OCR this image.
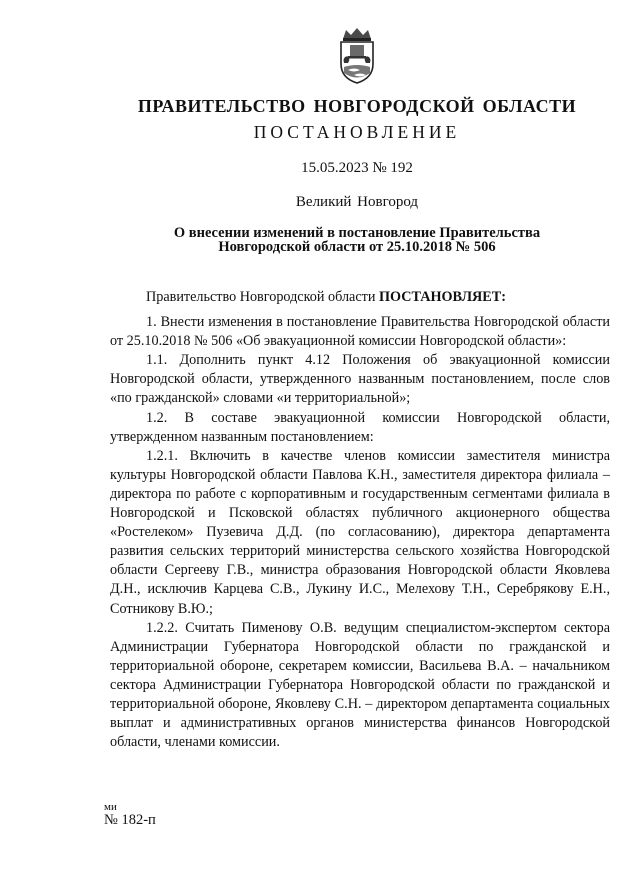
ПРАВИТЕЛЬСТВО НОВГОРОДСКОЙ ОБЛАСТИ
ПОСТАНОВЛЕНИЕ
15.05.2023 № 192
Великий Новгород
О внесении изменений в постановление Правительства
Новгородской области от 25.10.2018 № 506

Правительство Новгородской области ПОСТАНОВЛЯЕТ:

1. Внести изменения в постановление Правительства Новгородской области от 25.10.2018 № 506 «Об эвакуационной комиссии Новгородской области»:

1.1. Дополнить пункт 4.12 Положения об эвакуационной комиссии Новгородской области, утвержденного названным постановлением, после слов «по гражданской» словами «и территориальной»;

1.2. В составе эвакуационной комиссии Новгородской области, утвержденном названным постановлением:

1.2.1. Включить в качестве членов комиссии заместителя министра культуры Новгородской области Павлова К.Н., заместителя директора филиала – директора по работе с корпоративным и государственным сегментами филиала в Новгородской и Псковской областях публичного акционерного общества «Ростелеком» Пузевича Д.Д. (по согласованию), директора департамента развития сельских территорий министерства сельского хозяйства Новгородской области Сергееву Г.В., министра образования Новгородской области Яковлева Д.Н., исключив Карцева С.В., Лукину И.С., Мелехову Т.Н., Серебрякову Е.Н., Сотникову В.Ю.;

1.2.2. Считать Пименову О.В. ведущим специалистом-экспертом сектора Администрации Губернатора Новгородской области по гражданской и территориальной обороне, секретарем комиссии, Васильева В.А. – начальником сектора Администрации Губернатора Новгородской области по гражданской и территориальной обороне, Яковлеву С.Н. – директором департамента социальных выплат и административных органов министерства финансов Новгородской области, членами комиссии.

ми
№ 182-п
